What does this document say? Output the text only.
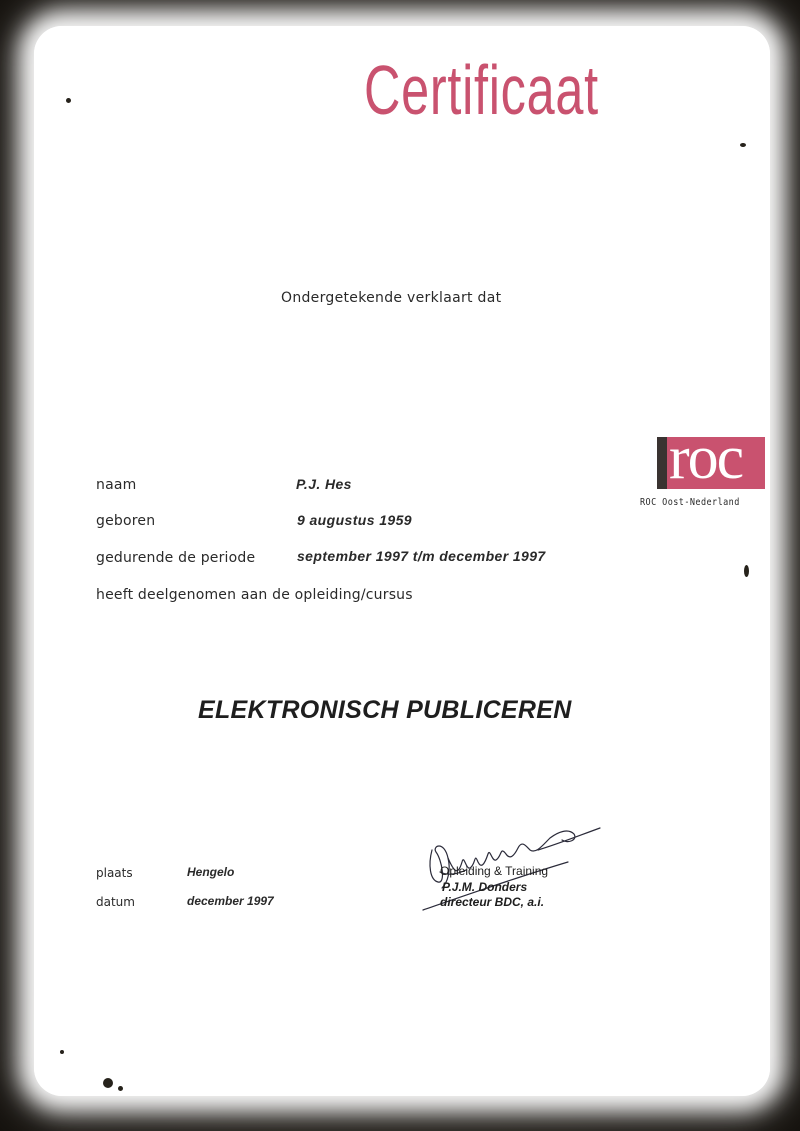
Certificaat
Ondergetekende verklaart dat
naam	P.J. Hes
geboren	9 augustus 1959
gedurende de periode	september 1997 t/m december 1997
heeft deelgenomen aan de opleiding/cursus
ELEKTRONISCH PUBLICEREN
plaats	Hengelo
datum	december 1997
Opleiding & Training
P.J.M. Donders
directeur BDC, a.i.
roc
ROC Oost-Nederland
